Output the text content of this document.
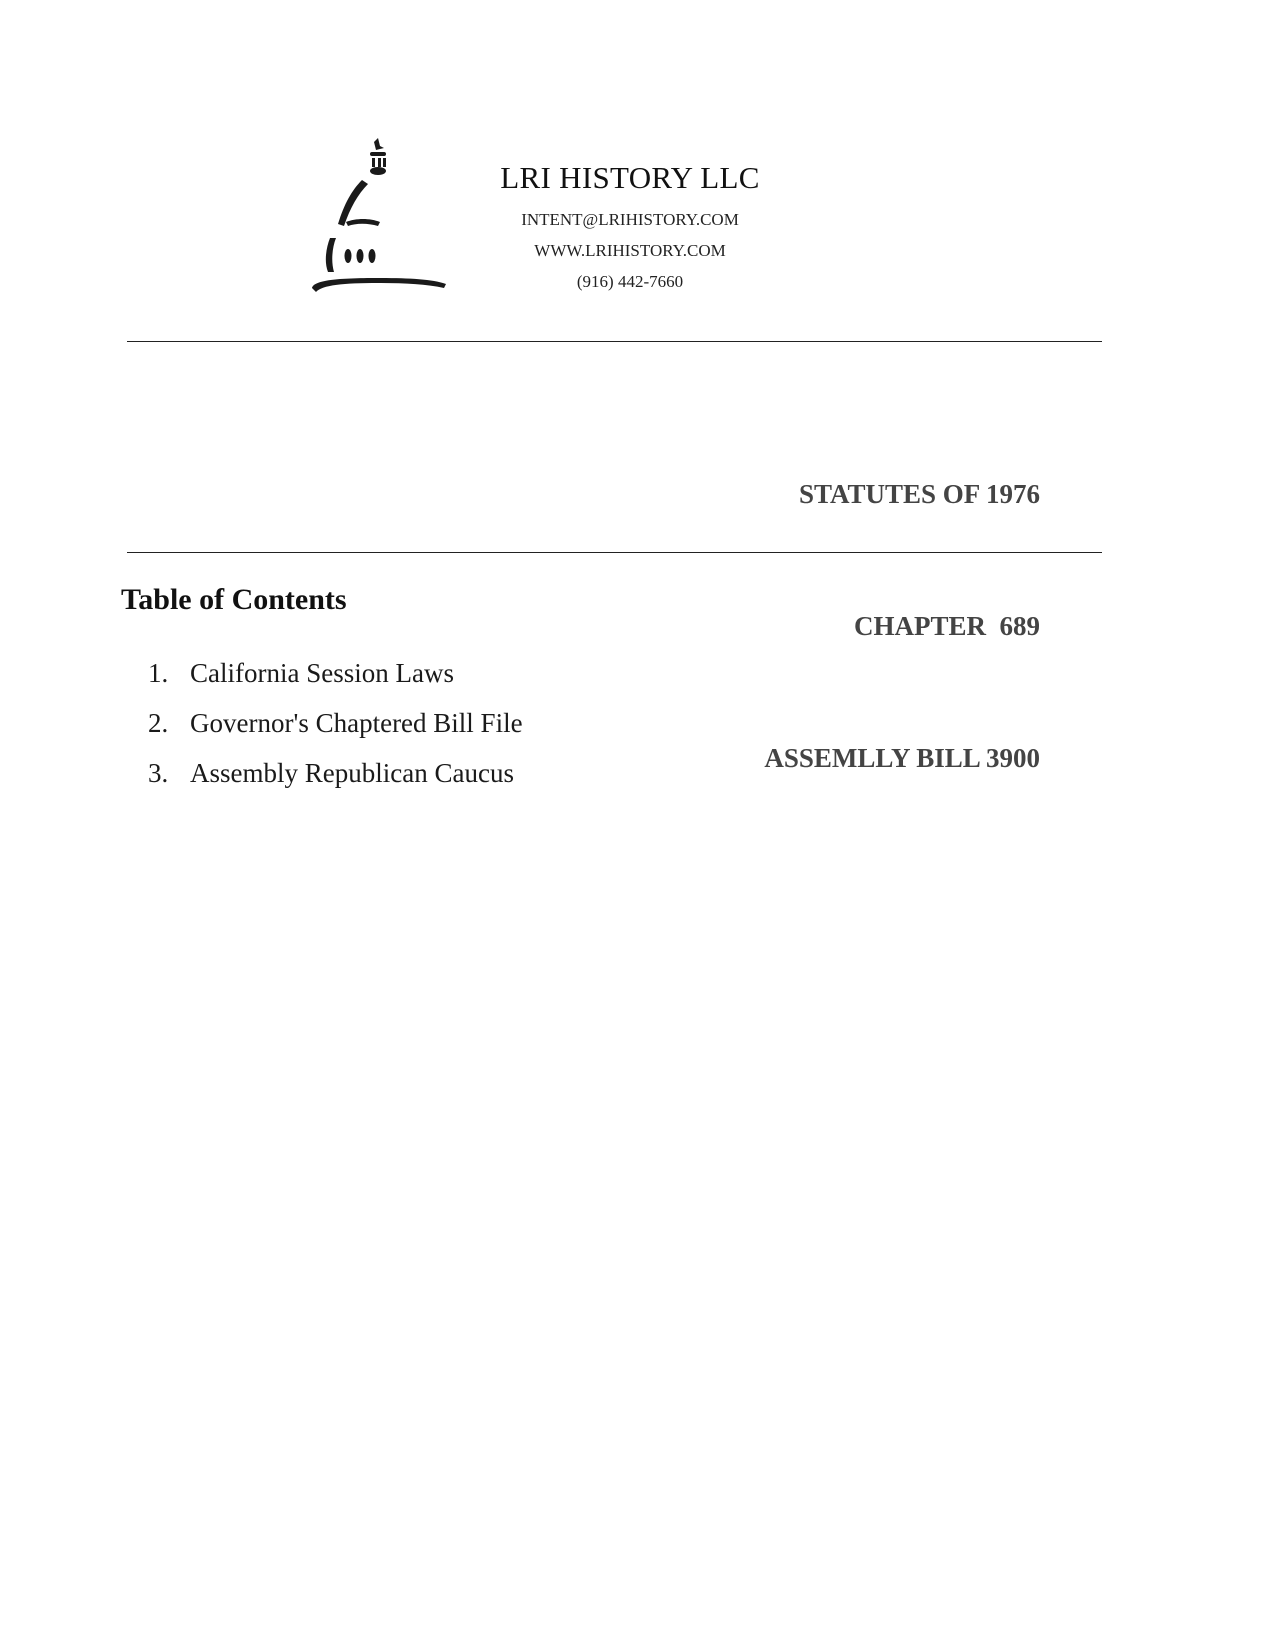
LRI HISTORY LLC
INTENT@LRIHISTORY.COM
WWW.LRIHISTORY.COM
(916) 442-7660

STATUTES OF 1976

CHAPTER  689

ASSEMLLY BILL 3900

Table of Contents
1. California Session Laws
2. Governor's Chaptered Bill File
3. Assembly Republican Caucus
